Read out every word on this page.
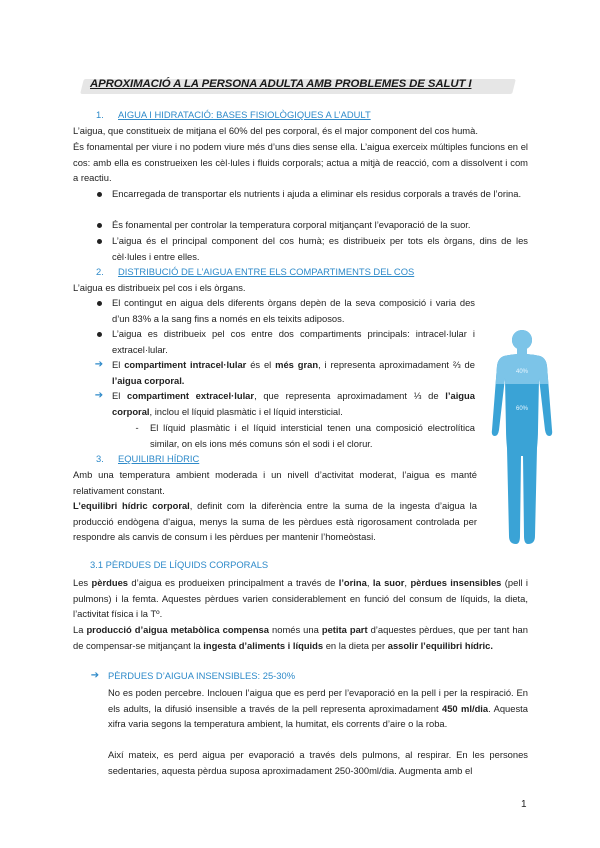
APROXIMACIÓ A LA PERSONA ADULTA AMB PROBLEMES DE SALUT I
1. AIGUA I HIDRATACIÓ: BASES FISIOLÒGIQUES A L’ADULT
L’aigua, que constitueix de mitjana el 60% del pes corporal, és el major component del cos humà.
És fonamental per viure i no podem viure més d’uns dies sense ella. L’aigua exerceix múltiples funcions en el cos: amb ella es construeixen les cèl·lules i fluids corporals; actua a mitjà de reacció, com a dissolvent i com a reactiu.
Encarregada de transportar els nutrients i ajuda a eliminar els residus corporals a través de l’orina.
És fonamental per controlar la temperatura corporal mitjançant l’evaporació de la suor.
L’aigua és el principal component del cos humà; es distribueix per tots els òrgans, dins de les cèl·lules i entre elles.
2. DISTRIBUCIÓ DE L’AIGUA ENTRE ELS COMPARTIMENTS DEL COS
L’aigua es distribueix pel cos i els òrgans.
El contingut en aigua dels diferents òrgans depèn de la seva composició i varia des d’un 83% a la sang fins a només en els teixits adiposos.
L’aigua es distribueix pel cos entre dos compartiments principals: intracel·lular i extracel·lular.
➔ El compartiment intracel·lular és el més gran, i representa aproximadament ⅔ de l’aigua corporal.
➔ El compartiment extracel·lular, que representa aproximadament ⅓ de l’aigua corporal, inclou el líquid plasmàtic i el líquid intersticial.
-	El líquid plasmàtic i el líquid intersticial tenen una composició electrolítica similar, on els ions més comuns són el sodi i el clorur.
40%
60%
3. EQUILIBRI HÍDRIC
Amb una temperatura ambient moderada i un nivell d’activitat moderat, l’aigua es manté relativament constant.
L’equilibri hídric corporal, definit com la diferència entre la suma de la ingesta d’aigua la producció endògena d’aigua, menys la suma de les pèrdues està rigorosament controlada per respondre als canvis de consum i les pèrdues per mantenir l’homeòstasi.
3.1 PÈRDUES DE LÍQUIDS CORPORALS
Les pèrdues d’aigua es produeixen principalment a través de l’orina, la suor, pèrdues insensibles (pell i pulmons) i la femta. Aquestes pèrdues varien considerablement en funció del consum de líquids, la dieta, l’activitat física i la Tº.
La producció d’aigua metabòlica compensa només una petita part d’aquestes pèrdues, que per tant han de compensar-se mitjançant la ingesta d’aliments i líquids en la dieta per assolir l’equilibri hídric.
➔ PÈRDUES D’AIGUA INSENSIBLES: 25-30%
No es poden percebre. Inclouen l’aigua que es perd per l’evaporació en la pell i per la respiració. En els adults, la difusió insensible a través de la pell representa aproximadament 450 ml/dia. Aquesta xifra varia segons la temperatura ambient, la humitat, els corrents d’aire o la roba.
Així mateix, es perd aigua per evaporació a través dels pulmons, al respirar. En les persones sedentaries, aquesta pèrdua suposa aproximadament 250-300ml/dia. Augmenta amb el
1
